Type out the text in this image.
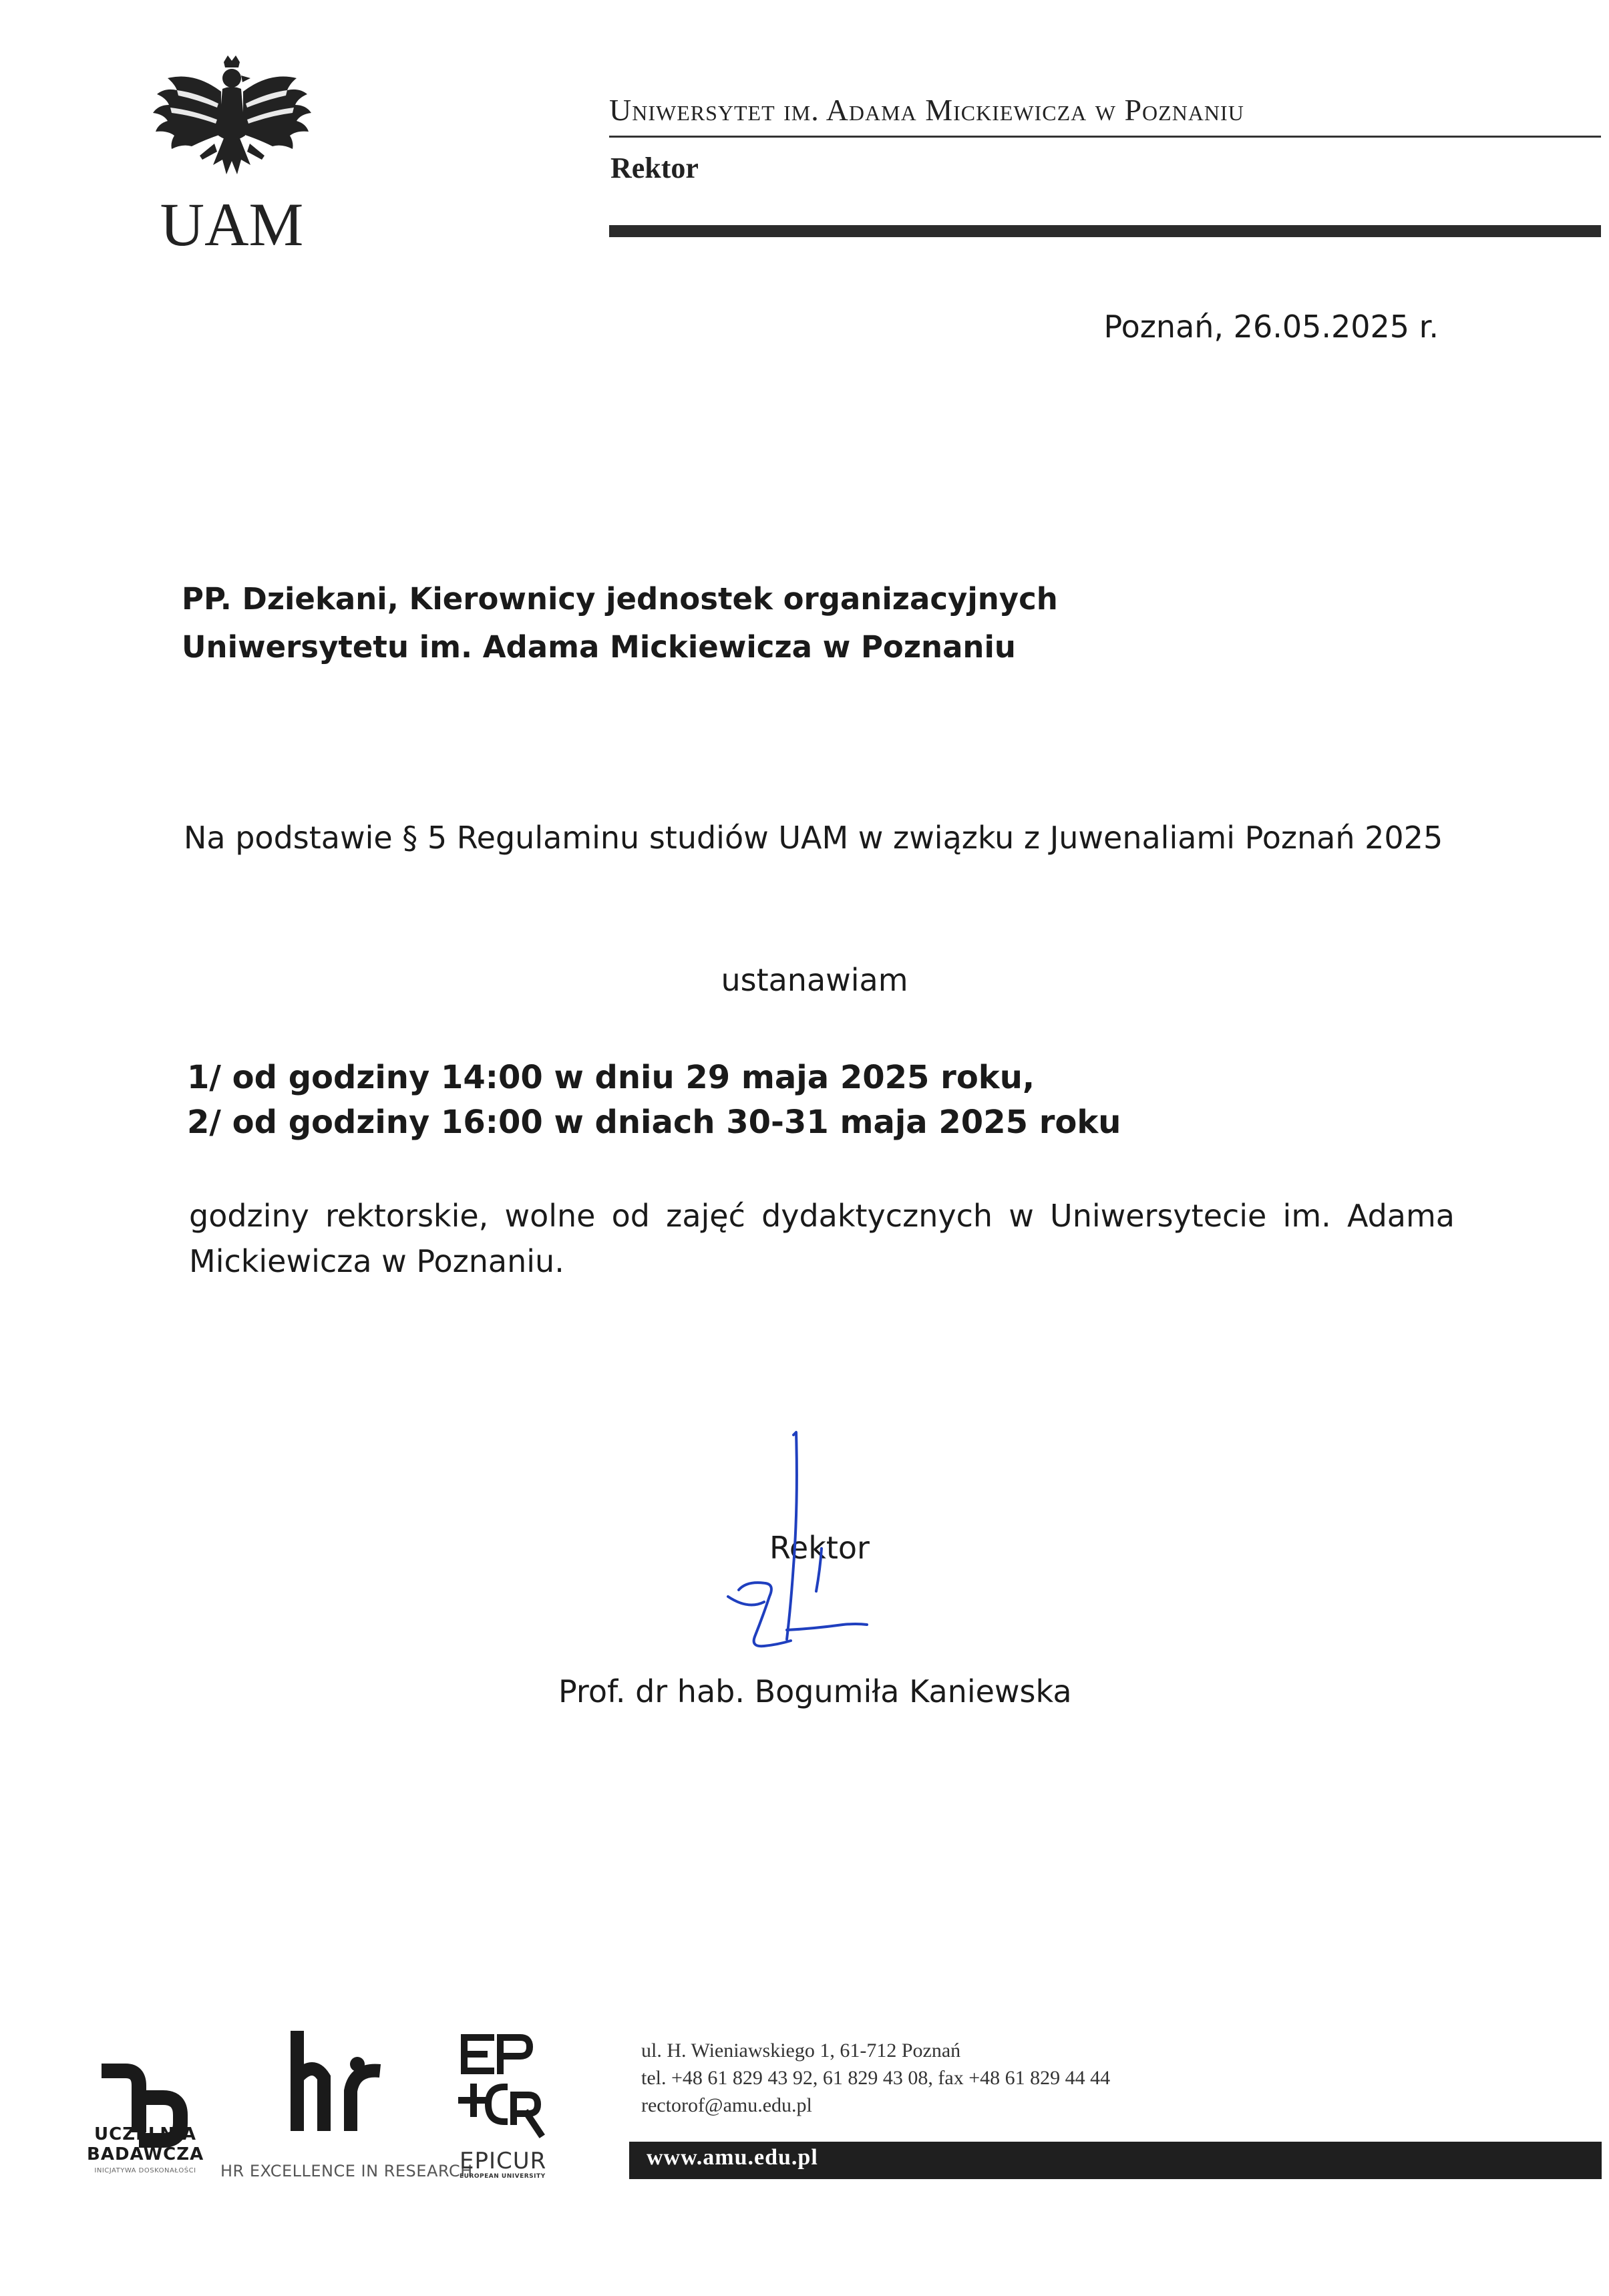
UAM
Uniwersytet im. Adama Mickiewicza w Poznaniu
Rektor
Poznań, 26.05.2025 r.
PP. Dziekani, Kierownicy jednostek organizacyjnych
Uniwersytetu im. Adama Mickiewicza w Poznaniu
Na podstawie § 5 Regulaminu studiów UAM w związku z Juwenaliami Poznań 2025
ustanawiam
1/ od godziny 14:00 w dniu 29 maja 2025 roku,
2/ od godziny 16:00 w dniach 30-31 maja 2025 roku
godziny rektorskie, wolne od zajęć dydaktycznych w Uniwersytecie im. Adama Mickiewicza w Poznaniu.
Rektor
Prof. dr hab. Bogumiła Kaniewska
UCZELNIA
BADAWCZA
INICJATYWA DOSKONAŁOŚCI	HR EXCELLENCE IN RESEARCH
EPICUR
EUROPEAN UNIVERSITY
ul. H. Wieniawskiego 1, 61-712 Poznań
tel. +48 61 829 43 92, 61 829 43 08, fax +48 61 829 44 44
rectorof@amu.edu.pl
www.amu.edu.pl
